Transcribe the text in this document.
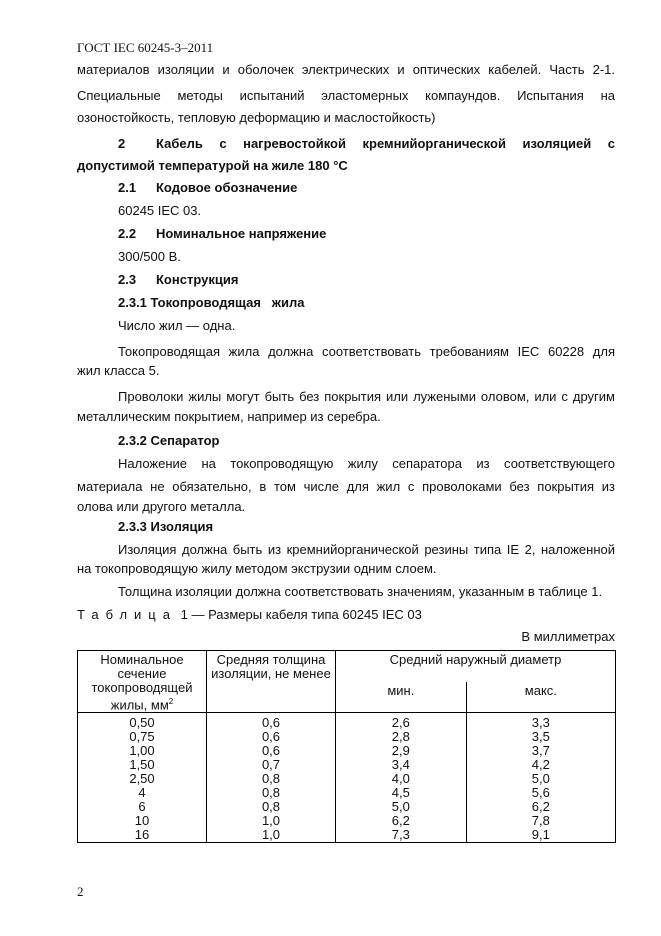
ГОСТ IEC 60245-3–2011
материалов изоляции и оболочек электрических и оптических кабелей. Часть 2-1.
Специальные методы испытаний эластомерных компаундов. Испытания на
озоностойкость, тепловую деформацию и маслостойкость)
2 Кабель с нагревостойкой кремнийорганической изоляцией с
допустимой температурой на жиле 180 °С
2.1 Кодовое обозначение
60245 IEC 03.
2.2 Номинальное напряжение
300/500 В.
2.3 Конструкция
2.3.1 Токопроводящая   жила
Число жил — одна.
Токопроводящая жила должна соответствовать требованиям IEC 60228 для
жил класса 5.
Проволоки жилы могут быть без покрытия или лужеными оловом, или с другим
металлическим покрытием, например из серебра.
2.3.2 Сепаратор
Наложение на токопроводящую жилу сепаратора из соответствующего
материала не обязательно, в том числе для жил с проволоками без покрытия из
олова или другого металла.
2.3.3 Изоляция
Изоляция должна быть из кремнийорганической резины типа IE 2, наложенной
на токопроводящую жилу методом экструзии одним слоем.
Толщина изоляции должна соответствовать значениям, указанным в таблице 1.
Таблица 1 — Размеры кабеля типа 60245 IEC 03
В миллиметрах
Номинальное сечение токопроводящей жилы, $мм^2$	Средняя толщина изоляции, не менее	Средний наружный диаметр	
		мин.	макс.
0,50	0,6	2,6	3,3
0,75	0,6	2,8	3,5
1,00	0,6	2,9	3,7
1,50	0,7	3,4	4,2
2,50	0,8	4,0	5,0
4	0,8	4,5	5,6
6	0,8	5,0	6,2
10	1,0	6,2	7,8
16	1,0	7,3	9,1
2
